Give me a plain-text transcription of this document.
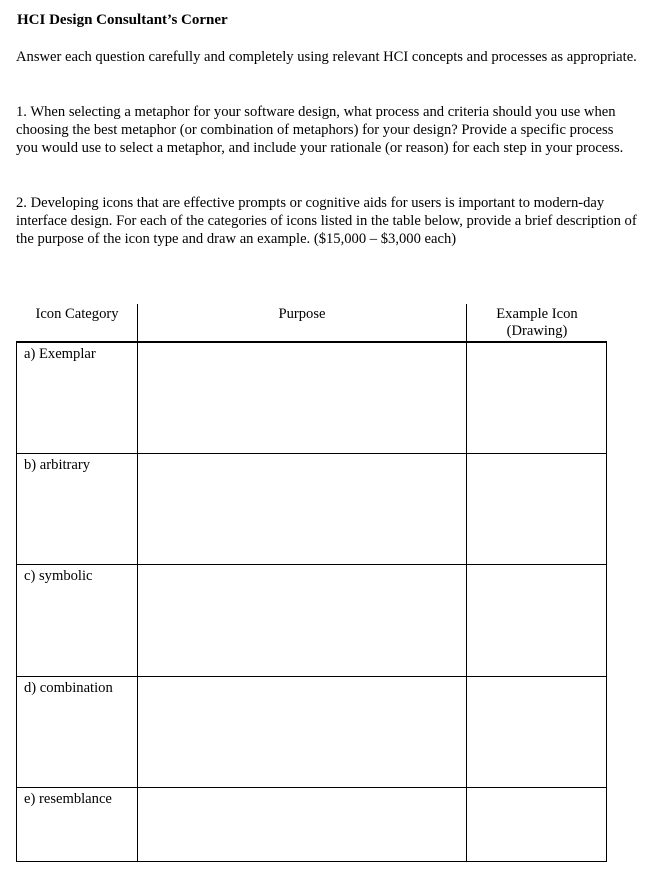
HCI Design Consultant’s Corner

Answer each question carefully and completely using relevant HCI concepts and processes as appropriate.

1. When selecting a metaphor for your software design, what process and criteria should you use when choosing the best metaphor (or combination of metaphors) for your design? Provide a specific process you would use to select a metaphor, and include your rationale (or reason) for each step in your process.

2. Developing icons that are effective prompts or cognitive aids for users is important to modern-day interface design. For each of the categories of icons listed in the table below, provide a brief description of the purpose of the icon type and draw an example. ($15,000 – $3,000 each)

Icon Category	Purpose	Example Icon
(Drawing)
a) Exemplar
b) arbitrary
c) symbolic
d) combination
e) resemblance
